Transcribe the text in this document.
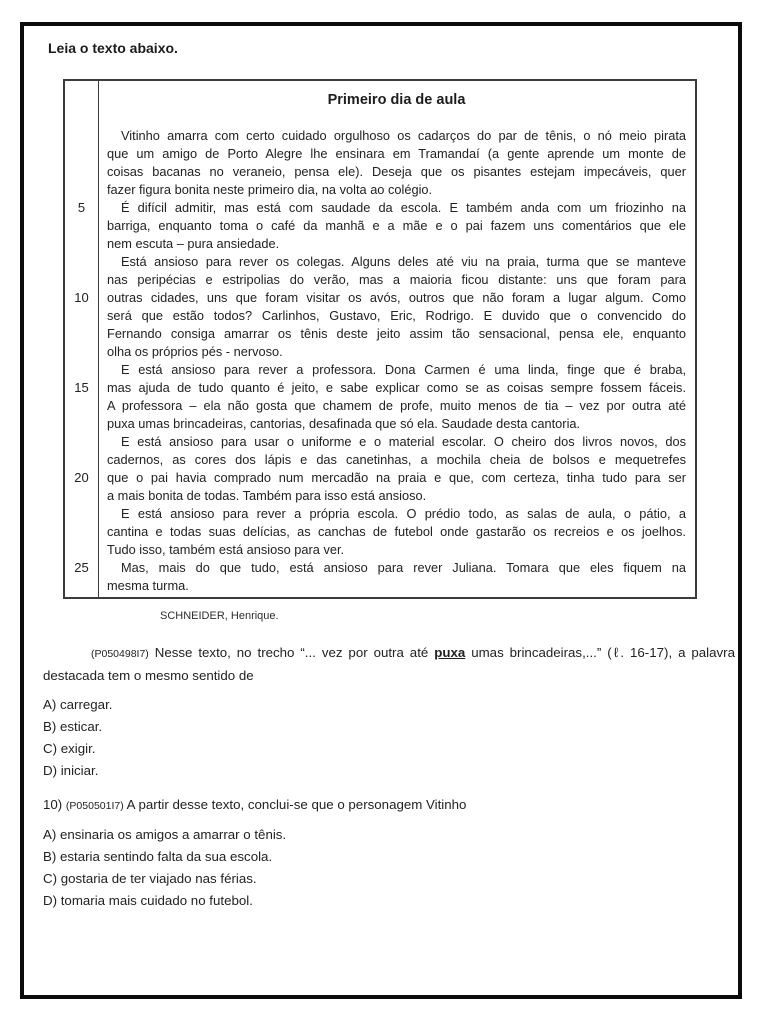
Leia o texto abaixo.
5
10
15
20
25
Primeiro dia de aula
Vitinho amarra com certo cuidado orgulhoso os cadarços do par de tênis, o nó meio pirata
que um amigo de Porto Alegre lhe ensinara em Tramandaí (a gente aprende um monte de
coisas bacanas no veraneio, pensa ele). Deseja que os pisantes estejam impecáveis, quer
fazer figura bonita neste primeiro dia, na volta ao colégio.
É difícil admitir, mas está com saudade da escola. E também anda com um friozinho na
barriga, enquanto toma o café da manhã e a mãe e o pai fazem uns comentários que ele
nem escuta – pura ansiedade.
Está ansioso para rever os colegas. Alguns deles até viu na praia, turma que se manteve
nas peripécias e estripolias do verão, mas a maioria ficou distante: uns que foram para
outras cidades, uns que foram visitar os avós, outros que não foram a lugar algum. Como
será que estão todos? Carlinhos, Gustavo, Eric, Rodrigo. E duvido que o convencido do
Fernando consiga amarrar os tênis deste jeito assim tão sensacional, pensa ele, enquanto
olha os próprios pés - nervoso.
E está ansioso para rever a professora. Dona Carmen é uma linda, finge que é braba,
mas ajuda de tudo quanto é jeito, e sabe explicar como se as coisas sempre fossem fáceis.
A professora – ela não gosta que chamem de profe, muito menos de tia – vez por outra até
puxa umas brincadeiras, cantorias, desafinada que só ela. Saudade desta cantoria.
E está ansioso para usar o uniforme e o material escolar. O cheiro dos livros novos, dos
cadernos, as cores dos lápis e das canetinhas, a mochila cheia de bolsos e mequetrefes
que o pai havia comprado num mercadão na praia e que, com certeza, tinha tudo para ser
a mais bonita de todas. Também para isso está ansioso.
E está ansioso para rever a própria escola. O prédio todo, as salas de aula, o pátio, a
cantina e todas suas delícias, as canchas de futebol onde gastarão os recreios e os joelhos.
Tudo isso, também está ansioso para ver.
Mas, mais do que tudo, está ansioso para rever Juliana. Tomara que eles fiquem na
mesma turma.
SCHNEIDER, Henrique.

(P050498I7) Nesse texto, no trecho “... vez por outra até puxa umas brincadeiras,...” (ℓ. 16-17), a palavra destacada tem o mesmo sentido de

A) carregar.
B) esticar.
C) exigir.
D) iniciar.

10) (P050501I7) A partir desse texto, conclui-se que o personagem Vitinho

A) ensinaria os amigos a amarrar o tênis.
B) estaria sentindo falta da sua escola.
C) gostaria de ter viajado nas férias.
D) tomaria mais cuidado no futebol.
